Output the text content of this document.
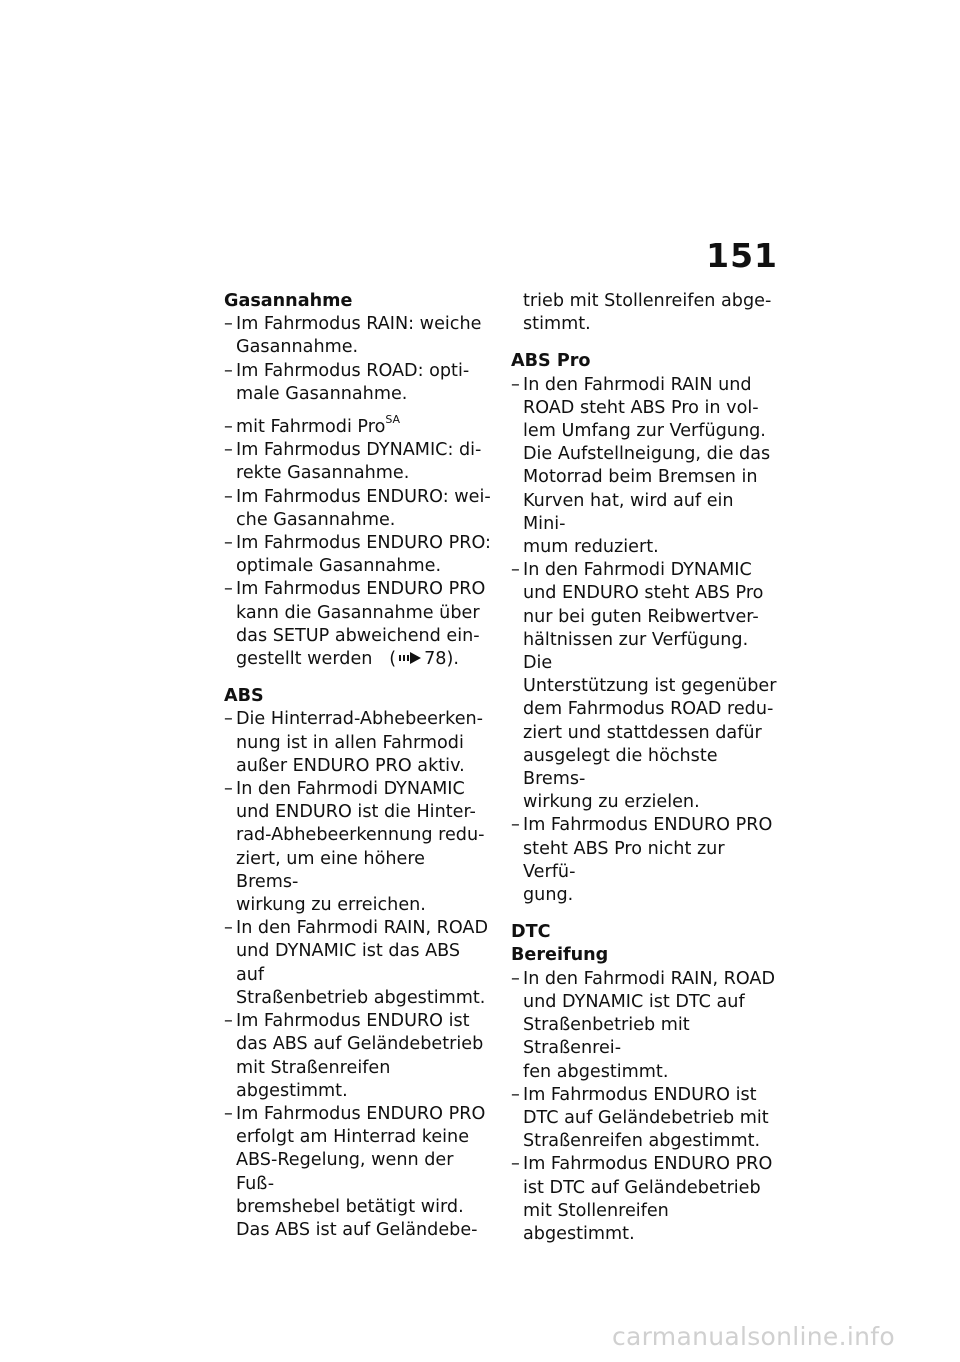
151
Gasannahme
– Im Fahrmodus RAIN: weiche
Gasannahme.
– Im Fahrmodus ROAD: opti-
male Gasannahme.
– mit Fahrmodi Pro$^{SA}$
– Im Fahrmodus DYNAMIC: di-
rekte Gasannahme.
– Im Fahrmodus ENDURO: wei-
che Gasannahme.
– Im Fahrmodus ENDURO PRO:
optimale Gasannahme.
– Im Fahrmodus ENDURO PRO
kann die Gasannahme über
das SETUP abweichend ein-
gestellt werden ( 78).
ABS
– Die Hinterrad-Abhebeerken-
nung ist in allen Fahrmodi
außer ENDURO PRO aktiv.
– In den Fahrmodi DYNAMIC
und ENDURO ist die Hinter-
rad-Abhebeerkennung redu-
ziert, um eine höhere Brems-
wirkung zu erreichen.
– In den Fahrmodi RAIN, ROAD
und DYNAMIC ist das ABS auf
Straßenbetrieb abgestimmt.
– Im Fahrmodus ENDURO ist
das ABS auf Geländebetrieb
mit Straßenreifen abgestimmt.
– Im Fahrmodus ENDURO PRO
erfolgt am Hinterrad keine
ABS-Regelung, wenn der Fuß-
bremshebel betätigt wird.
Das ABS ist auf Geländebe-
trieb mit Stollenreifen abge-
stimmt.
ABS Pro
– In den Fahrmodi RAIN und
ROAD steht ABS Pro in vol-
lem Umfang zur Verfügung.
Die Aufstellneigung, die das
Motorrad beim Bremsen in
Kurven hat, wird auf ein Mini-
mum reduziert.
– In den Fahrmodi DYNAMIC
und ENDURO steht ABS Pro
nur bei guten Reibwertver-
hältnissen zur Verfügung. Die
Unterstützung ist gegenüber
dem Fahrmodus ROAD redu-
ziert und stattdessen dafür
ausgelegt die höchste Brems-
wirkung zu erzielen.
– Im Fahrmodus ENDURO PRO
steht ABS Pro nicht zur Verfü-
gung.
DTC
Bereifung
– In den Fahrmodi RAIN, ROAD
und DYNAMIC ist DTC auf
Straßenbetrieb mit Straßenrei-
fen abgestimmt.
– Im Fahrmodus ENDURO ist
DTC auf Geländebetrieb mit
Straßenreifen abgestimmt.
– Im Fahrmodus ENDURO PRO
ist DTC auf Geländebetrieb
mit Stollenreifen abgestimmt.
carmanualsonline.info
